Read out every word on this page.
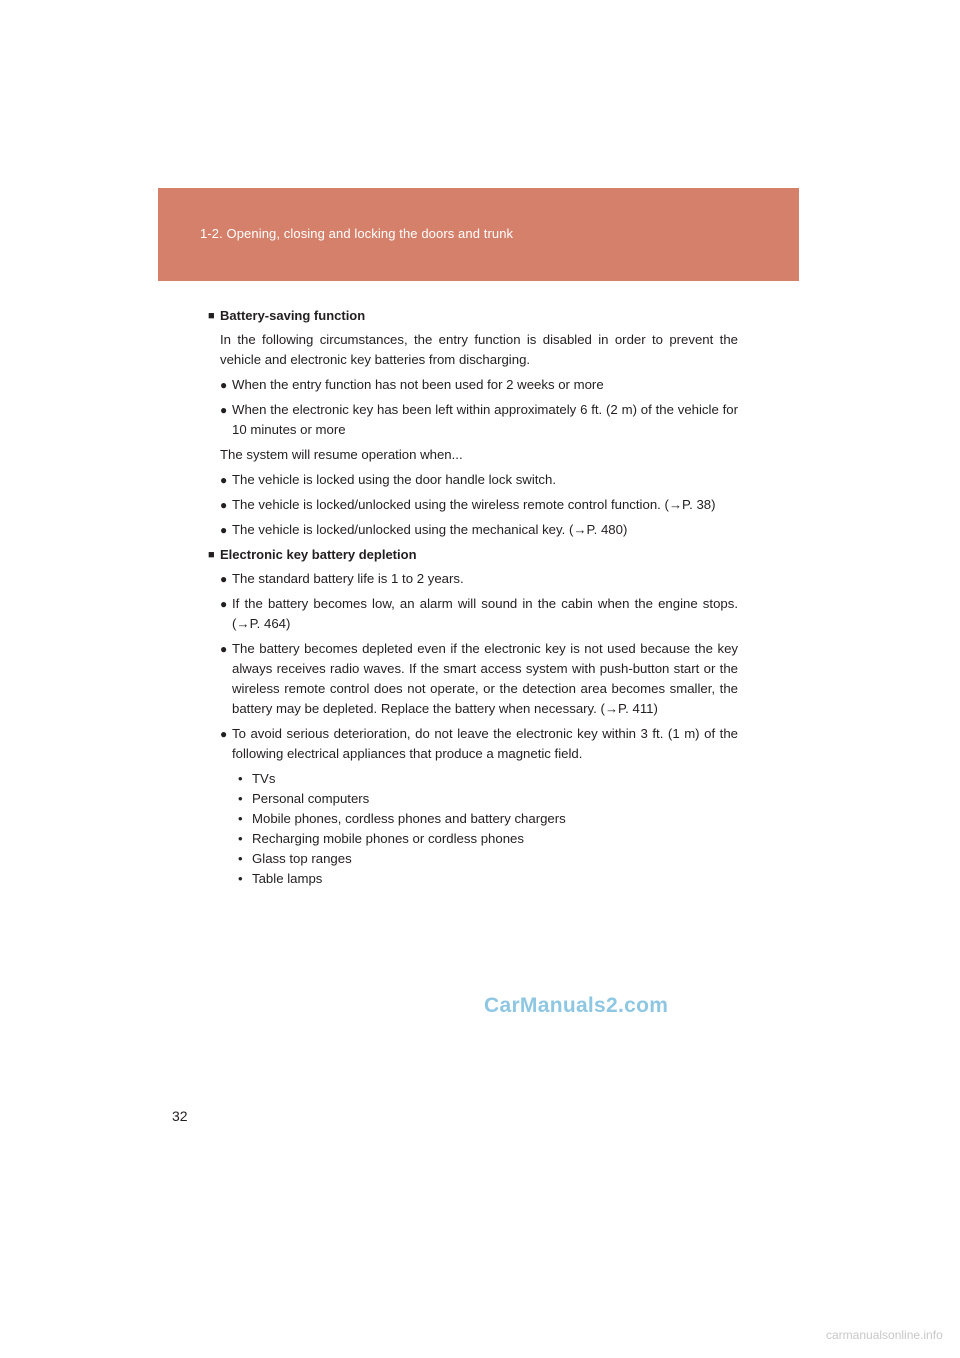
1-2. Opening, closing and locking the doors and trunk
■ Battery-saving function

In the following circumstances, the entry function is disabled in order to prevent the vehicle and electronic key batteries from discharging.

● When the entry function has not been used for 2 weeks or more
● When the electronic key has been left within approximately 6 ft. (2 m) of the vehicle for 10 minutes or more

The system will resume operation when...

● The vehicle is locked using the door handle lock switch.
● The vehicle is locked/unlocked using the wireless remote control function. (→P. 38)
● The vehicle is locked/unlocked using the mechanical key. (→P. 480)
■ Electronic key battery depletion
● The standard battery life is 1 to 2 years.
● If the battery becomes low, an alarm will sound in the cabin when the engine stops. (→P. 464)
● The battery becomes depleted even if the electronic key is not used because the key always receives radio waves. If the smart access system with push-button start or the wireless remote control does not operate, or the detection area becomes smaller, the battery may be depleted. Replace the battery when necessary. (→P. 411)
● To avoid serious deterioration, do not leave the electronic key within 3 ft. (1 m) of the following electrical appliances that produce a magnetic field.
• TVs
• Personal computers
• Mobile phones, cordless phones and battery chargers
• Recharging mobile phones or cordless phones
• Glass top ranges
• Table lamps
CarManuals2.com
32
carmanualsonline.info
